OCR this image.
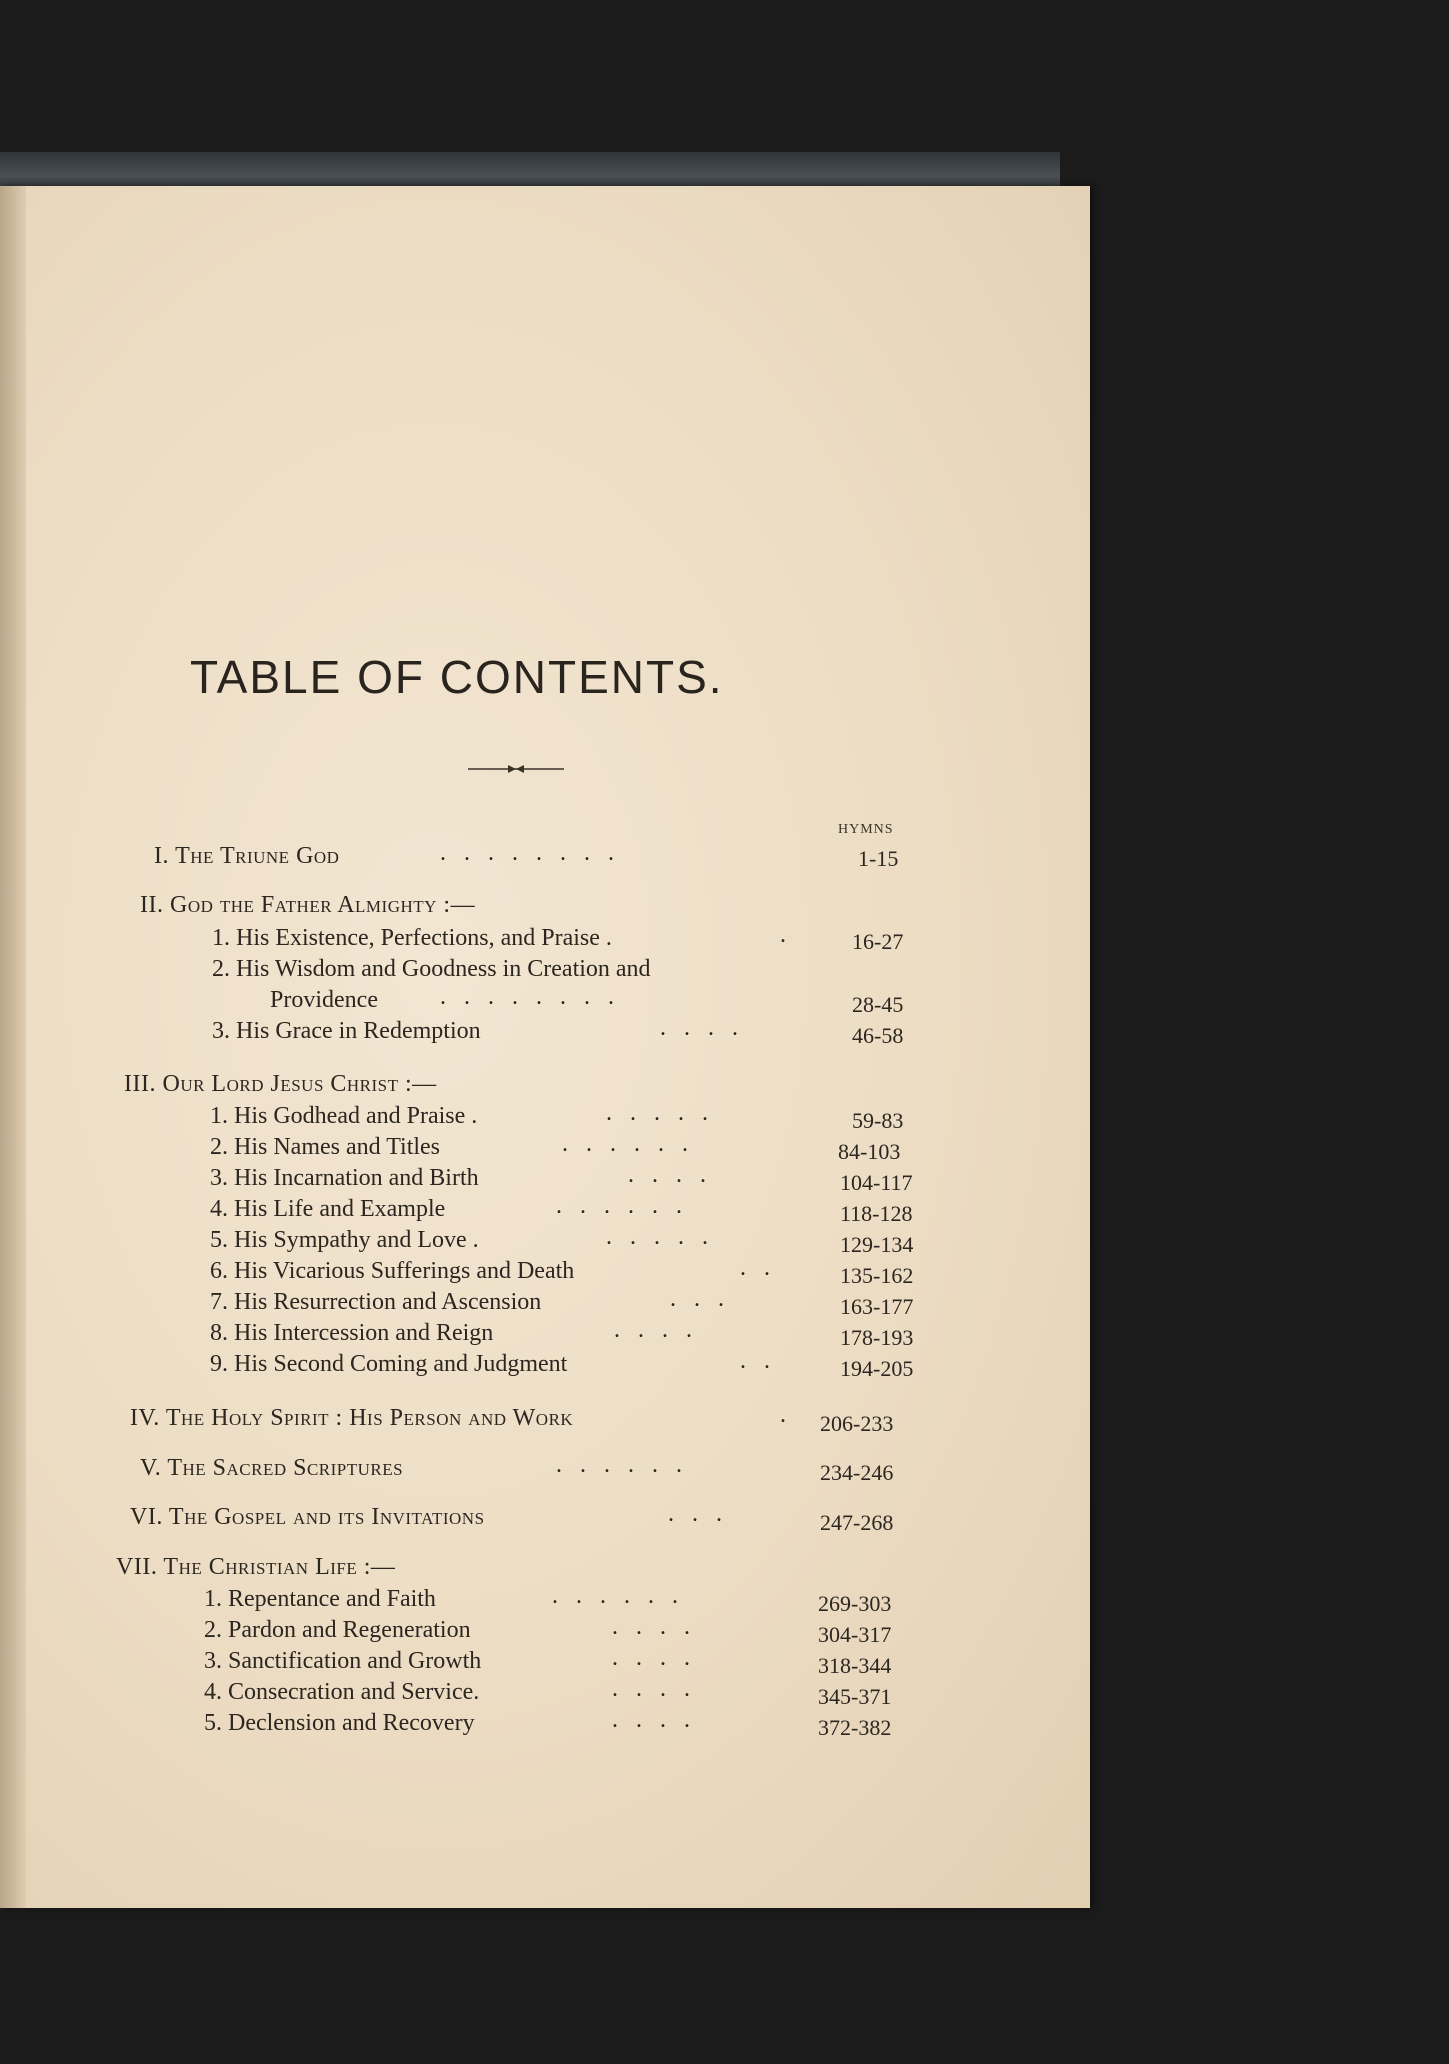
TABLE OF CONTENTS.
HYMNS
I. The Triune God	........	1-15
II. God the Father Almighty :—
1. His Existence, Perfections, and Praise .	. 16-27
2. His Wisdom and Goodness in Creation and
Providence	........	28-45
3. His Grace in Redemption	....	46-58
III. Our Lord Jesus Christ :—
1. His Godhead and Praise .	.....	59-83
2. His Names and Titles	......	84-103
3. His Incarnation and Birth	....	104-117
4. His Life and Example	......	118-128
5. His Sympathy and Love .	.....	129-134
6. His Vicarious Sufferings and Death	.. 135-162
7. His Resurrection and Ascension	...	163-177
8. His Intercession and Reign	....	178-193
9. His Second Coming and Judgment	.. 194-205
IV. The Holy Spirit : His Person and Work	. 206-233
V. The Sacred Scriptures	......	234-246
VI. The Gospel and its Invitations	...	247-268
VII. The Christian Life :—
1. Repentance and Faith	......	269-303
2. Pardon and Regeneration	....	304-317
3. Sanctification and Growth	....	318-344
4. Consecration and Service.	....	345-371
5. Declension and Recovery	....	372-382
